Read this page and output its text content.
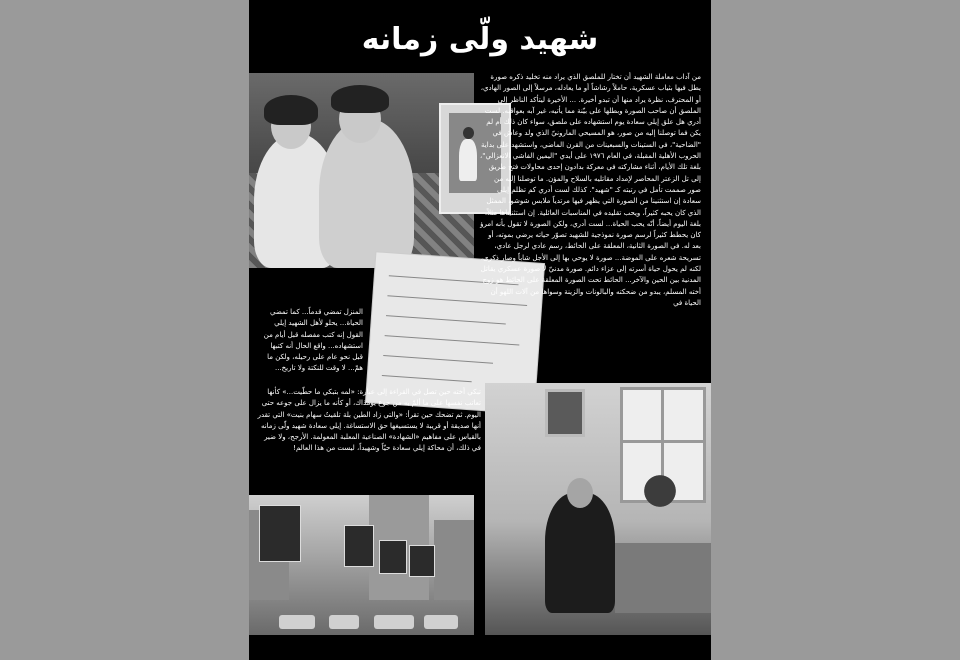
شهيد ولّى زمانه

من آداب معاملة الشهيد أن تختار للملصق الذي يراد منه تخليد ذكره صورة يطل فيها بثياب عسكرية، حاملاً رشاشاً أو ما يعادله، مرسلاً إلى الصور الهادي، أو المحترف، نظرة يراد منها أن تبدو أخيرة. ... الأخيرة ليتأكد الناظر إلى الملصق أن صاحب الصورة وبطلها على بيّنة مما يأتيه، غير آبه بعواقبه. لست أدري هل علق إيلي سعادة يوم استشهاده على ملصق، سواء كان ذلك أم لم يكن فما توصلنا إليه من صور، هو المسيحي المارونيّ الذي ولد وعاش في "الضاحية"، في الستينات والسبعينات من القرن الماضي، واستشهد على بداية الحروب الأهلية المقبلة، في العام ١٩٧٦ على أيدي "اليمين الفاشي الانعزالي"، بلغة تلك الأيام، أثناء مشاركته في معركة بدادون إحدى محاولات فتح طريق إلى تل الزعتر المحاصر لإمداد مقاتليه بالسلاح والمؤن. ما توصلنا إليه من صور صممت تأمل في رتبته كـ "شهيد". كذلك لست أدري كم تظلم إيلي سعادة إن استثنينا من الصورة التي يظهر فيها مرتدياً ملابس شوشو، الممثل الذي كان يحبه كثيراً، ويحب تقليده في المناسبات العائلية. إن استثنيناها مثلاً، بلغة اليوم أيضاً، أنّه يحب الحياة... لست أدري، ولكن الصورة لا تقول بأنه امرؤ كان يحطط كثيراً لرسم صورة نموذجية للشهيد تصوّر حياته يرضي بموته، أو بعد له. في الصورة الثانية، المعلقة على الحائط، رسم عادي لرجل عادي، تسريحة شعره على الموضة... صورة لا يوحي بها إلى الأجل شاباً وصار ذكرى، لكنه لم يحول حياة أسرته إلى عزاء دائم. صورة مدنيّ لا صورة عسكري يقاتل المدنية بين الحين والآخر... الحائط تحت الصورة المعلقة على الحائط هو زوج أخته المسلم، يبدو من ضحكته والبالونات والزينة وسواها من آلات اللهو أن الحياة في

المنزل تمضي قدماً... كما تمضي الحياة... يحلو لأهل الشهيد إيلي القول إنه كتب مفصله قبل أيام من استشهاده... واقع الحال أنه كتبها قبل نحو عام على رحيله، ولكن ما همّ... لا وقت للنكتة ولا تاريخ...

تبكي أخته حين تصل في القراءة إلى عبارة: «لمه بتبكي ما حطّيت...» كأنها تعاتب نفسها على ما ألمّ به من جوع يومذاك، أو كأنه ما يزال على جوعه حتى اليوم. ثم تضحك حين تقرأ: «والتي زاد الطين بلة تلقيتُ سهام بنيت» التي تقدر أنها صديقة أو قريبة لا يستسيغها حق الاستساغة. إيلي سعادة شهيد ولّى زمانه بالقياس على مفاهيم «الشهادة» الصناعية المعلبة المعولمة. الأرجح، ولا ضير في ذلك، أن محاكة إيلي سعادة حيّاً وشهيداً، ليست من هذا العالم!
